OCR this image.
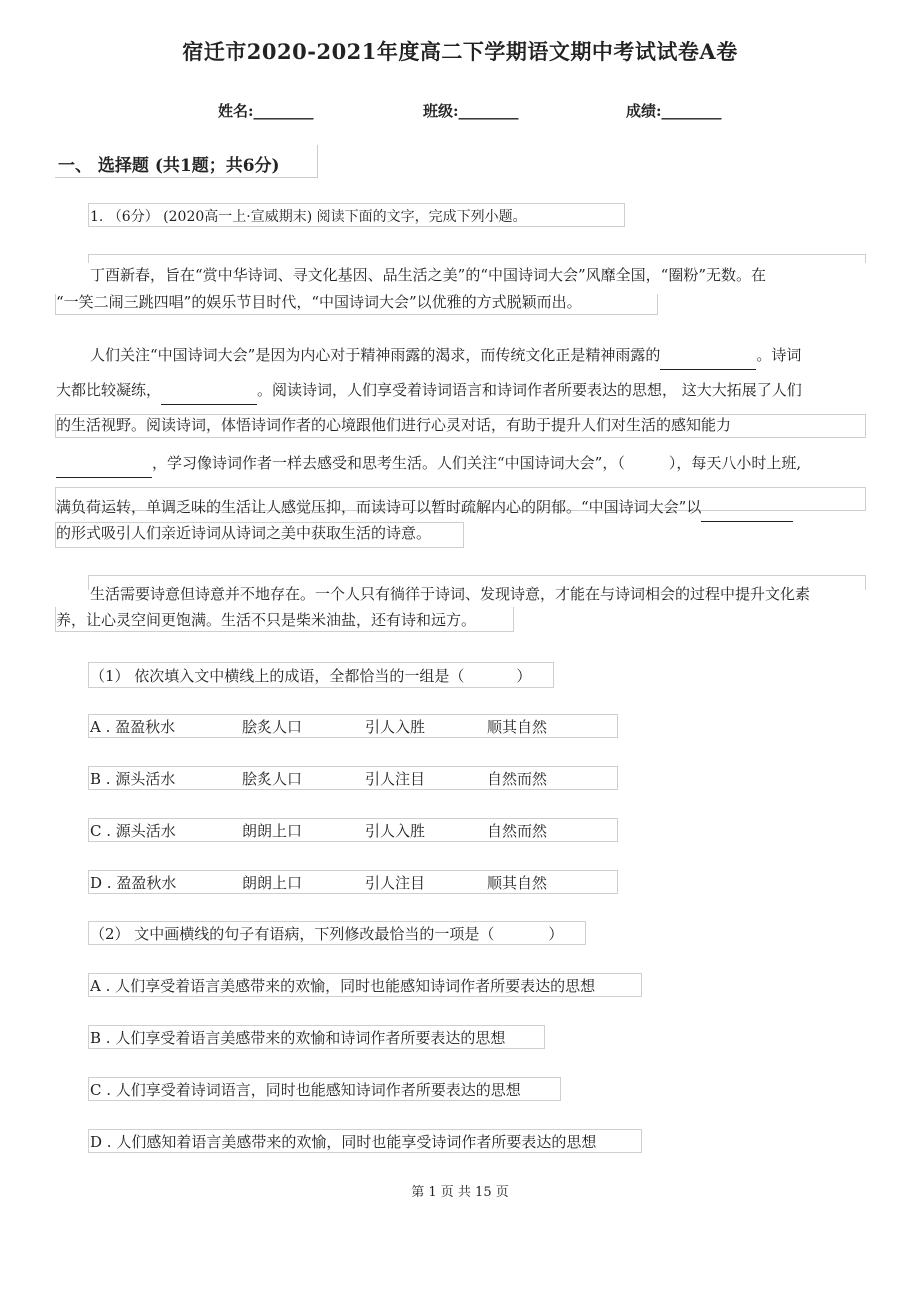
宿迁市2020-2021年度高二下学期语文期中考试试卷A卷
姓名:________	班级:________	成绩:________
一、 选择题 (共1题；共6分)
1. （6分） (2020高一上·宣威期末) 阅读下面的文字，完成下列小题。
丁酉新春，旨在“赏中华诗词、寻文化基因、品生活之美”的“中国诗词大会”风靡全国，“圈粉”无数。在
“一笑二闹三跳四唱”的娱乐节目时代，“中国诗词大会”以优雅的方式脱颖而出。
人们关注“中国诗词大会”是因为内心对于精神雨露的渴求，而传统文化正是精神雨露的	。诗词
大都比较凝练，	。阅读诗词，人们享受着诗词语言和诗词作者所要表达的思想， 这大大拓展了人们
的生活视野。阅读诗词，体悟诗词作者的心境跟他们进行心灵对话，有助于提升人们对生活的感知能力
，学习像诗词作者一样去感受和思考生活。人们关注“中国诗词大会”，（	），每天八小时上班,
满负荷运转，单调乏味的生活让人感觉压抑，而读诗可以暂时疏解内心的阴郁。“中国诗词大会”以
的形式吸引人们亲近诗词从诗词之美中获取生活的诗意。
生活需要诗意但诗意并不地存在。一个人只有徜徉于诗词、发现诗意，才能在与诗词相会的过程中提升文化素
养，让心灵空间更饱满。生活不只是柴米油盐，还有诗和远方。
（1） 依次填入文中横线上的成语，全都恰当的一组是（	）
A . 盈盈秋水	脍炙人口	引人入胜	顺其自然
B . 源头活水	脍炙人口	引人注目	自然而然
C . 源头活水	朗朗上口	引人入胜	自然而然
D . 盈盈秋水	朗朗上口	引人注目	顺其自然
（2） 文中画横线的句子有语病，下列修改最恰当的一项是（	）
A . 人们享受着语言美感带来的欢愉，同时也能感知诗词作者所要表达的思想
B . 人们享受着语言美感带来的欢愉和诗词作者所要表达的思想
C . 人们享受着诗词语言，同时也能感知诗词作者所要表达的思想
D . 人们感知着语言美感带来的欢愉，同时也能享受诗词作者所要表达的思想
第 1 页 共 15 页
